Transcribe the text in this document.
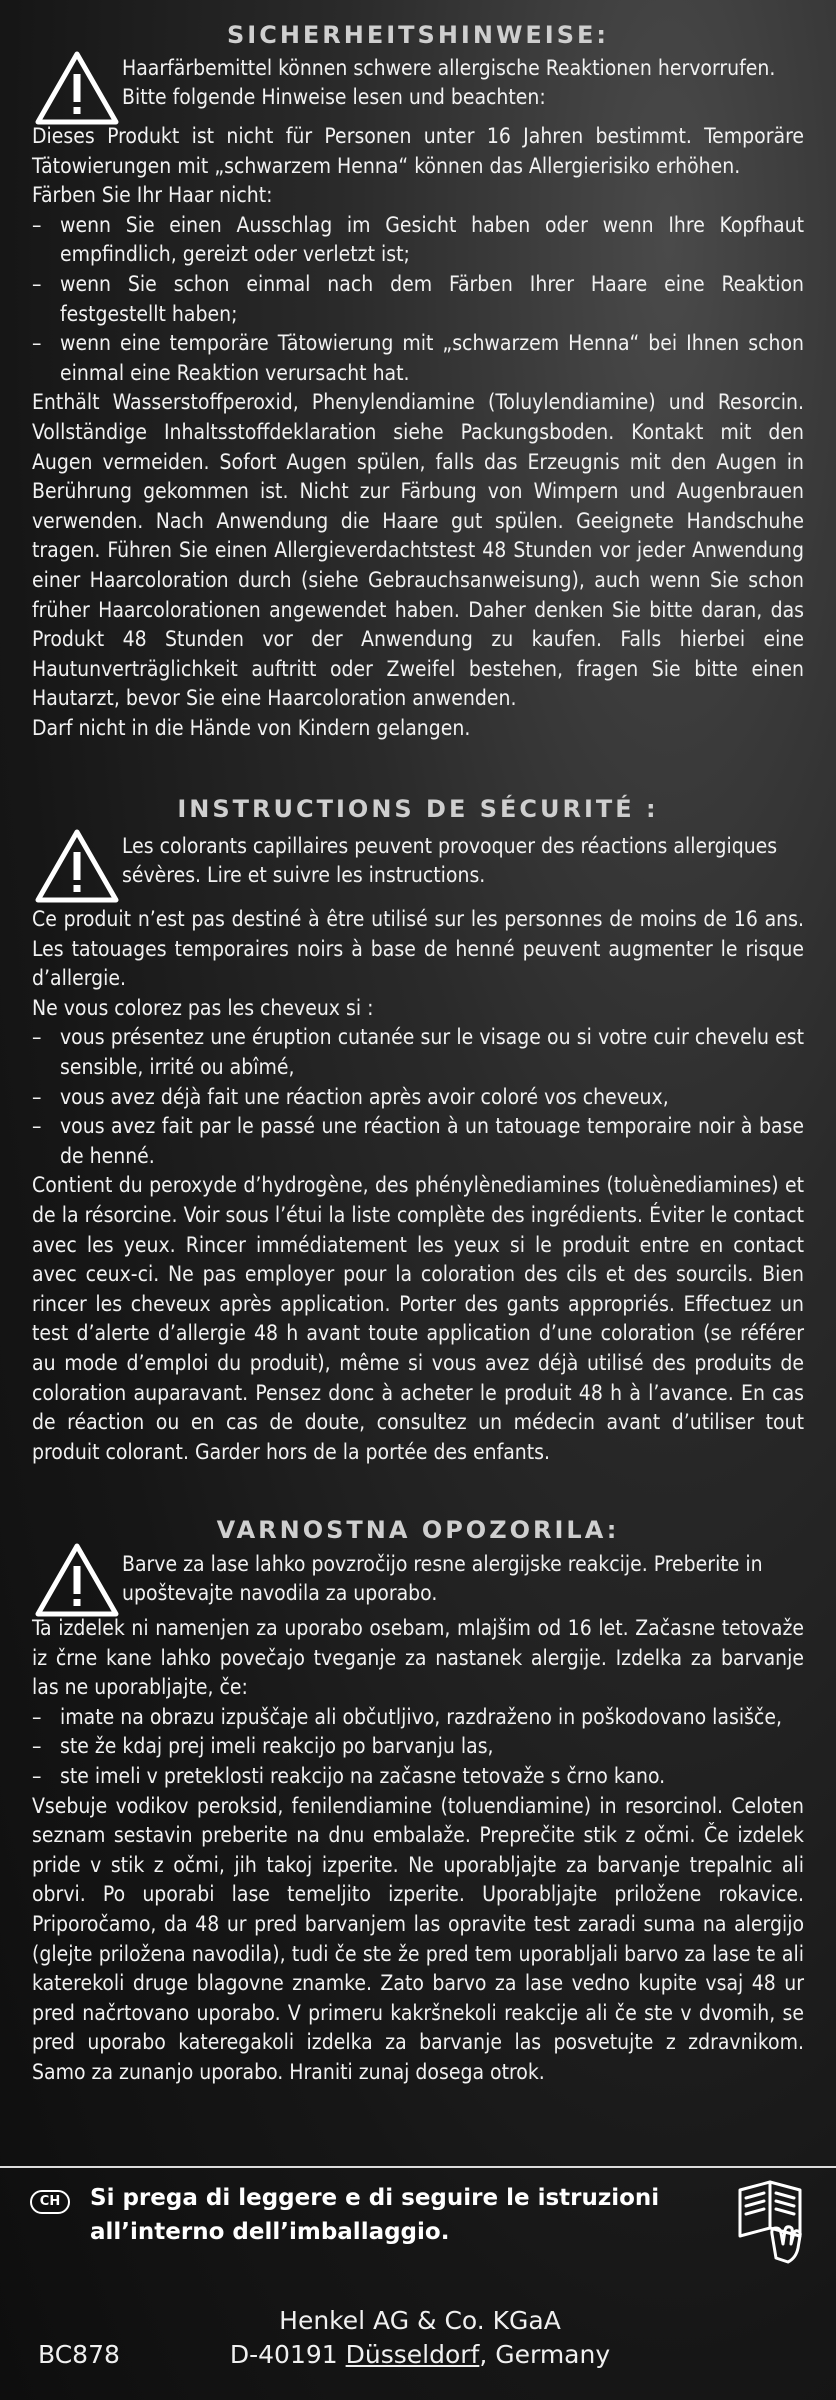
SICHERHEITSHINWEISE:
Haarfärbemittel können schwere allergische Reaktionen hervorrufen. Bitte folgende Hinweise lesen und beachten:

Dieses Produkt ist nicht für Personen unter 16 Jahren bestimmt. Temporäre Tätowierungen mit „schwarzem Henna“ können das Allergierisiko erhöhen.

Färben Sie Ihr Haar nicht:

– wenn Sie einen Ausschlag im Gesicht haben oder wenn Ihre Kopfhaut empfindlich, gereizt oder verletzt ist;
– wenn Sie schon einmal nach dem Färben Ihrer Haare eine Reaktion festgestellt haben;
– wenn eine temporäre Tätowierung mit „schwarzem Henna“ bei Ihnen schon einmal eine Reaktion verursacht hat.

Enthält Wasserstoffperoxid, Phenylendiamine (Toluylendiamine) und Resorcin. Vollständige Inhaltsstoffdeklaration siehe Packungsboden. Kontakt mit den Augen vermeiden. Sofort Augen spülen, falls das Erzeugnis mit den Augen in Berührung gekommen ist. Nicht zur Färbung von Wimpern und Augenbrauen verwenden. Nach Anwendung die Haare gut spülen. Geeignete Handschuhe tragen. Führen Sie einen Allergieverdachtstest 48 Stunden vor jeder Anwendung einer Haarcoloration durch (siehe Gebrauchsanweisung), auch wenn Sie schon früher Haarcolorationen angewendet haben. Daher denken Sie bitte daran, das Produkt 48 Stunden vor der Anwendung zu kaufen. Falls hierbei eine Hautunverträglichkeit auftritt oder Zweifel bestehen, fragen Sie bitte einen Hautarzt, bevor Sie eine Haarcoloration anwenden.

Darf nicht in die Hände von Kindern gelangen.

INSTRUCTIONS DE SÉCURITÉ :
Les colorants capillaires peuvent provoquer des réactions allergiques sévères. Lire et suivre les instructions.

Ce produit n’est pas destiné à être utilisé sur les personnes de moins de 16 ans. Les tatouages temporaires noirs à base de henné peuvent augmenter le risque d’allergie.

Ne vous colorez pas les cheveux si :

– vous présentez une éruption cutanée sur le visage ou si votre cuir chevelu est sensible, irrité ou abîmé,
– vous avez déjà fait une réaction après avoir coloré vos cheveux,
– vous avez fait par le passé une réaction à un tatouage temporaire noir à base de henné.

Contient du peroxyde d’hydrogène, des phénylènediamines (toluènediamines) et de la résorcine. Voir sous l’étui la liste complète des ingrédients. Éviter le contact avec les yeux. Rincer immédiatement les yeux si le produit entre en contact avec ceux-ci. Ne pas employer pour la coloration des cils et des sourcils. Bien rincer les cheveux après application. Porter des gants appropriés. Effectuez un test d’alerte d’allergie 48 h avant toute application d’une coloration (se référer au mode d’emploi du produit), même si vous avez déjà utilisé des produits de coloration auparavant. Pensez donc à acheter le produit 48 h à l’avance. En cas de réaction ou en cas de doute, consultez un médecin avant d’utiliser tout produit colorant. Garder hors de la portée des enfants.

VARNOSTNA OPOZORILA:
Barve za lase lahko povzročijo resne alergijske reakcije. Preberite in upoštevajte navodila za uporabo.

Ta izdelek ni namenjen za uporabo osebam, mlajšim od 16 let. Začasne tetovaže iz črne kane lahko povečajo tveganje za nastanek alergije. Izdelka za barvanje las ne uporabljajte, če:

– imate na obrazu izpuščaje ali občutljivo, razdraženo in poškodovano lasišče,
– ste že kdaj prej imeli reakcijo po barvanju las,
– ste imeli v preteklosti reakcijo na začasne tetovaže s črno kano.

Vsebuje vodikov peroksid, fenilendiamine (toluendiamine) in resorcinol. Celoten seznam sestavin preberite na dnu embalaže. Preprečite stik z očmi. Če izdelek pride v stik z očmi, jih takoj izperite. Ne uporabljajte za barvanje trepalnic ali obrvi. Po uporabi lase temeljito izperite. Uporabljajte priložene rokavice. Priporočamo, da 48 ur pred barvanjem las opravite test zaradi suma na alergijo (glejte priložena navodila), tudi če ste že pred tem uporabljali barvo za lase te ali katerekoli druge blagovne znamke. Zato barvo za lase vedno kupite vsaj 48 ur pred načrtovano uporabo. V primeru kakršnekoli reakcije ali če ste v dvomih, se pred uporabo kateregakoli izdelka za barvanje las posvetujte z zdravnikom. Samo za zunanjo uporabo. Hraniti zunaj dosega otrok.

CH	Si prega di leggere e di seguire le istruzioni all’interno dell’imballaggio.
Henkel AG & Co. KGaA
D-40191 Düsseldorf, Germany
BC878
